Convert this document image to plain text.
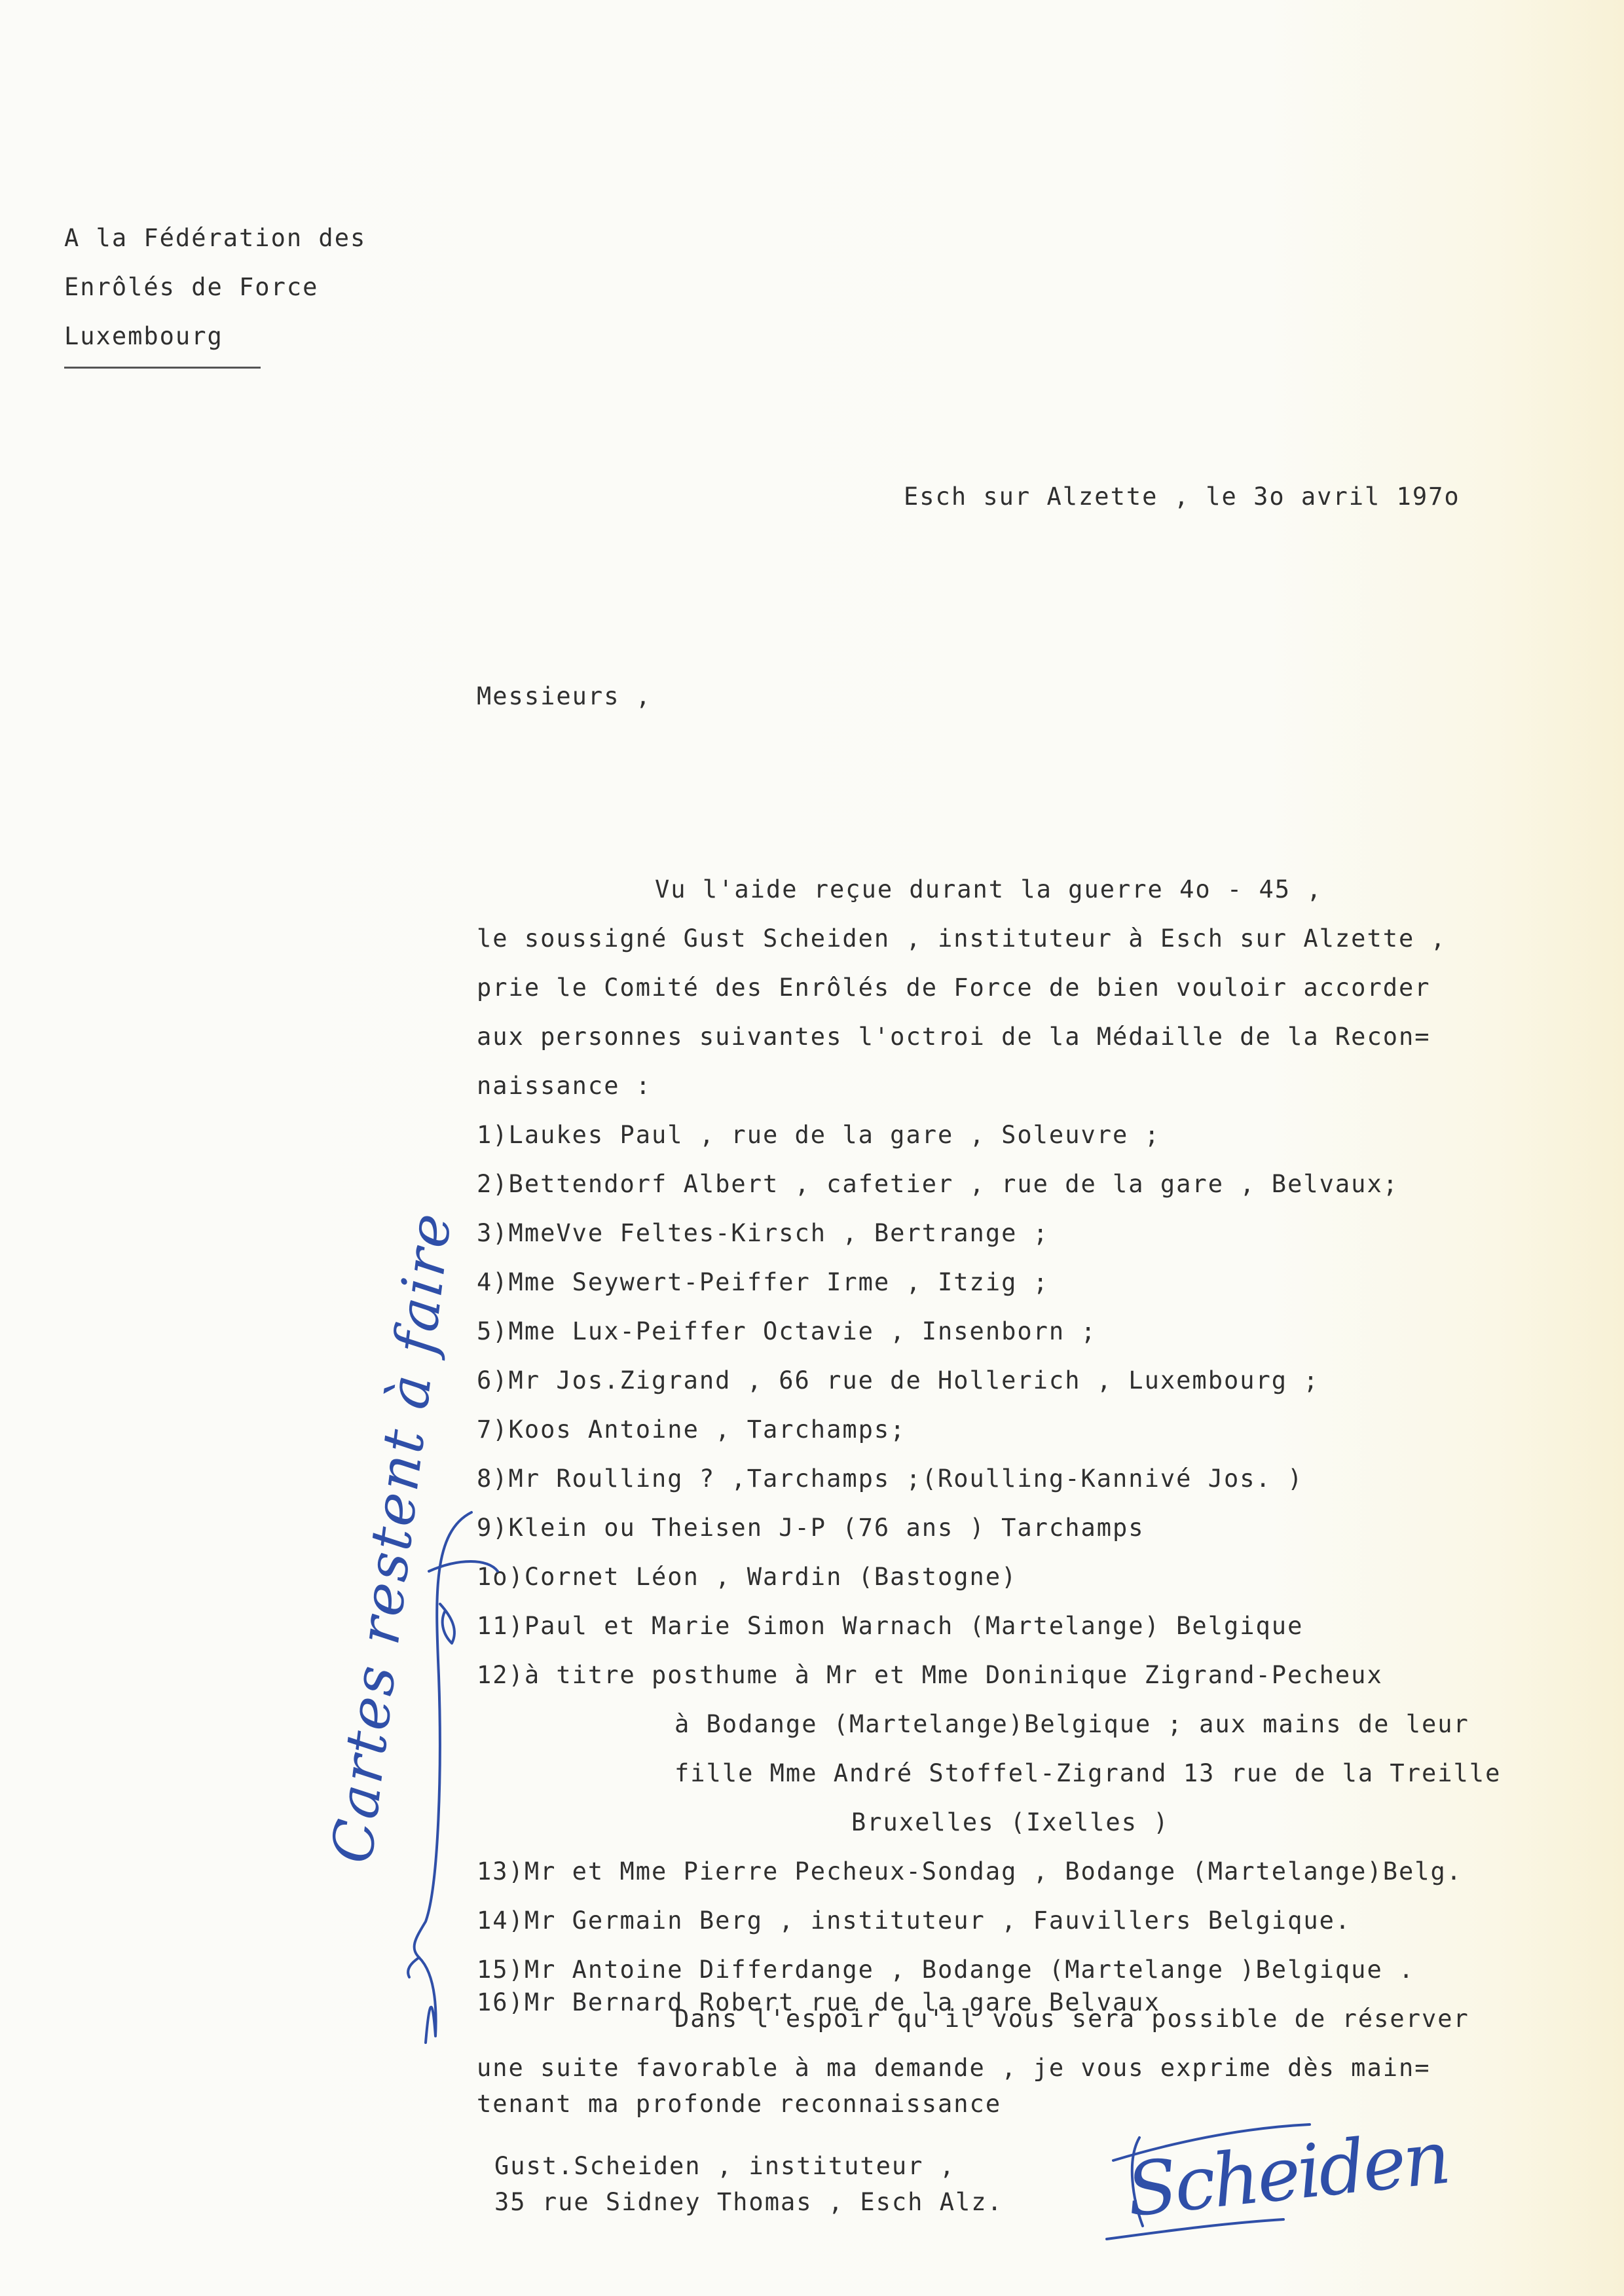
A la Fédération des
Enrôlés de Force
Luxembourg
Esch sur Alzette , le 3o avril 197o
Messieurs ,
Vu l'aide reçue durant la guerre 4o - 45 ,
le soussigné Gust Scheiden , instituteur à Esch sur Alzette ,
prie le Comité des Enrôlés de Force de bien vouloir accorder
aux personnes suivantes l'octroi de la Médaille de la Recon=
naissance :
1)Laukes Paul , rue de la gare , Soleuvre ;
2)Bettendorf Albert , cafetier , rue de la gare , Belvaux;
3)MmeVve Feltes-Kirsch , Bertrange ;
4)Mme Seywert-Peiffer Irme , Itzig ;
5)Mme Lux-Peiffer Octavie , Insenborn ;
6)Mr Jos.Zigrand , 66 rue de Hollerich , Luxembourg ;
7)Koos Antoine , Tarchamps;
8)Mr Roulling ? ,Tarchamps ;(Roulling-Kannivé Jos. )
9)Klein ou Theisen J-P (76 ans ) Tarchamps
1o)Cornet Léon , Wardin (Bastogne)
11)Paul et Marie Simon Warnach (Martelange) Belgique
12)à titre posthume à Mr et Mme Doninique Zigrand-Pecheux
à Bodange (Martelange)Belgique ; aux mains de leur
fille Mme André Stoffel-Zigrand 13 rue de la Treille
Bruxelles (Ixelles )
13)Mr et Mme Pierre Pecheux-Sondag , Bodange (Martelange)Belg.
14)Mr Germain Berg , instituteur , Fauvillers Belgique.
15)Mr Antoine Differdange , Bodange (Martelange )Belgique .
16)Mr Bernard Robert rue de la gare Belvaux
Dans l'espoir qu'il vous sera possible de réserver
une suite favorable à ma demande , je vous exprime dès main=
tenant ma profonde reconnaissance
Gust.Scheiden , instituteur ,
35 rue Sidney Thomas , Esch Alz.
Cartes restent à faire
Scheiden
